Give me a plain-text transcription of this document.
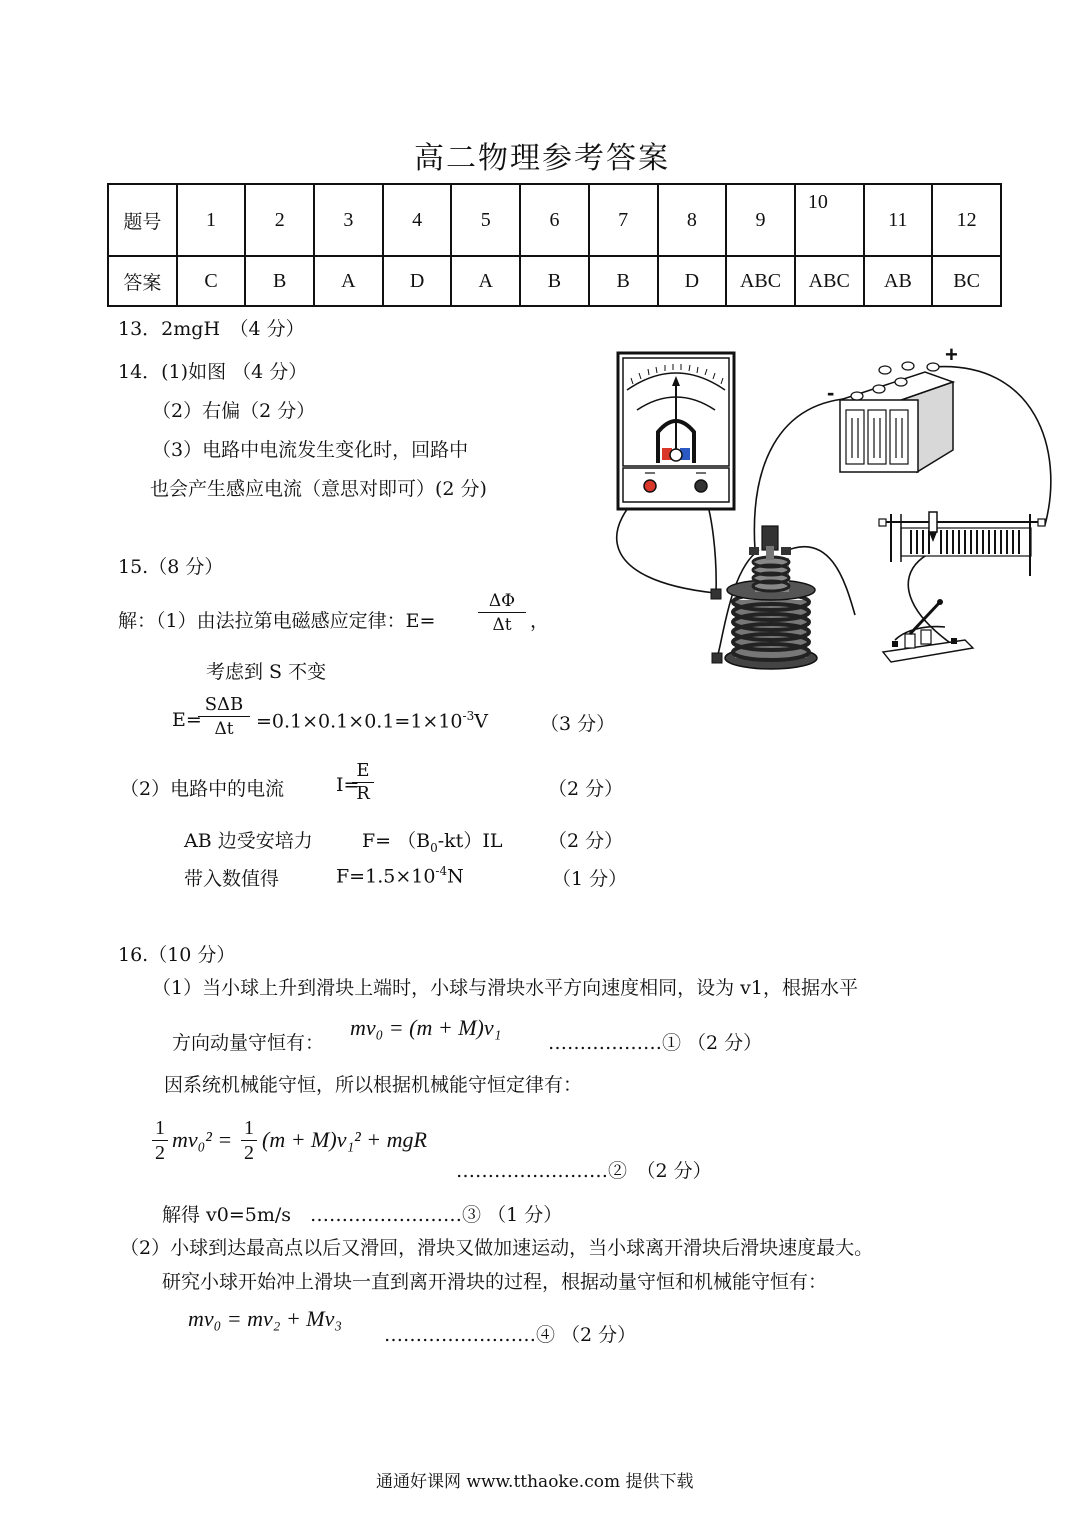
高二物理参考答案
题号	1	2	3	4	5	6	7	8	9	10	11	12
答案	C	B	A	D	A	B	B	D	ABC	ABC	AB	BC
13．2mgH　（4 分）
14．(1)如图 （4 分）
（2）右偏（2 分）
（3）电路中电流发生变化时，回路中
也会产生感应电流（意思对即可）(2 分)
15.（8 分）
解：（1）由法拉第电磁感应定律：E=
ΔΦ
Δt ，
考虑到 S 不变
E=
SΔB
Δt	$=0.1\times 0.1\times 0.1=1\times 10^{-3}V$	（3 分）
（2）电路中的电流	I=
E
R	（2 分）
AB 边受安培力	$F= (B_0-kt)IL$ （2 分）
带入数值得	$F=1.5\times 10^{-4}N$	（1 分）
16.（10 分）
（1）当小球上升到滑块上端时，小球与滑块水平方向速度相同，设为 v1，根据水平
方向动量守恒有：
mv₀ = (m + M)v₁
………………① （2 分）
因系统机械能守恒，所以根据机械能守恒定律有：
1
2
mv₀² = 1
2
(m + M)v₁² + mgR
……………………②　（2 分）
解得 v0=5m/s　……………………③ （1 分）
（2）小球到达最高点以后又滑回，滑块又做加速运动，当小球离开滑块后滑块速度最大。
研究小球开始冲上滑块一直到离开滑块的过程，根据动量守恒和机械能守恒有：
mv₀ = mv₂ + Mv₃
……………………④ （2 分）
通通好课网 www.tthaoke.com 提供下载
+
-
